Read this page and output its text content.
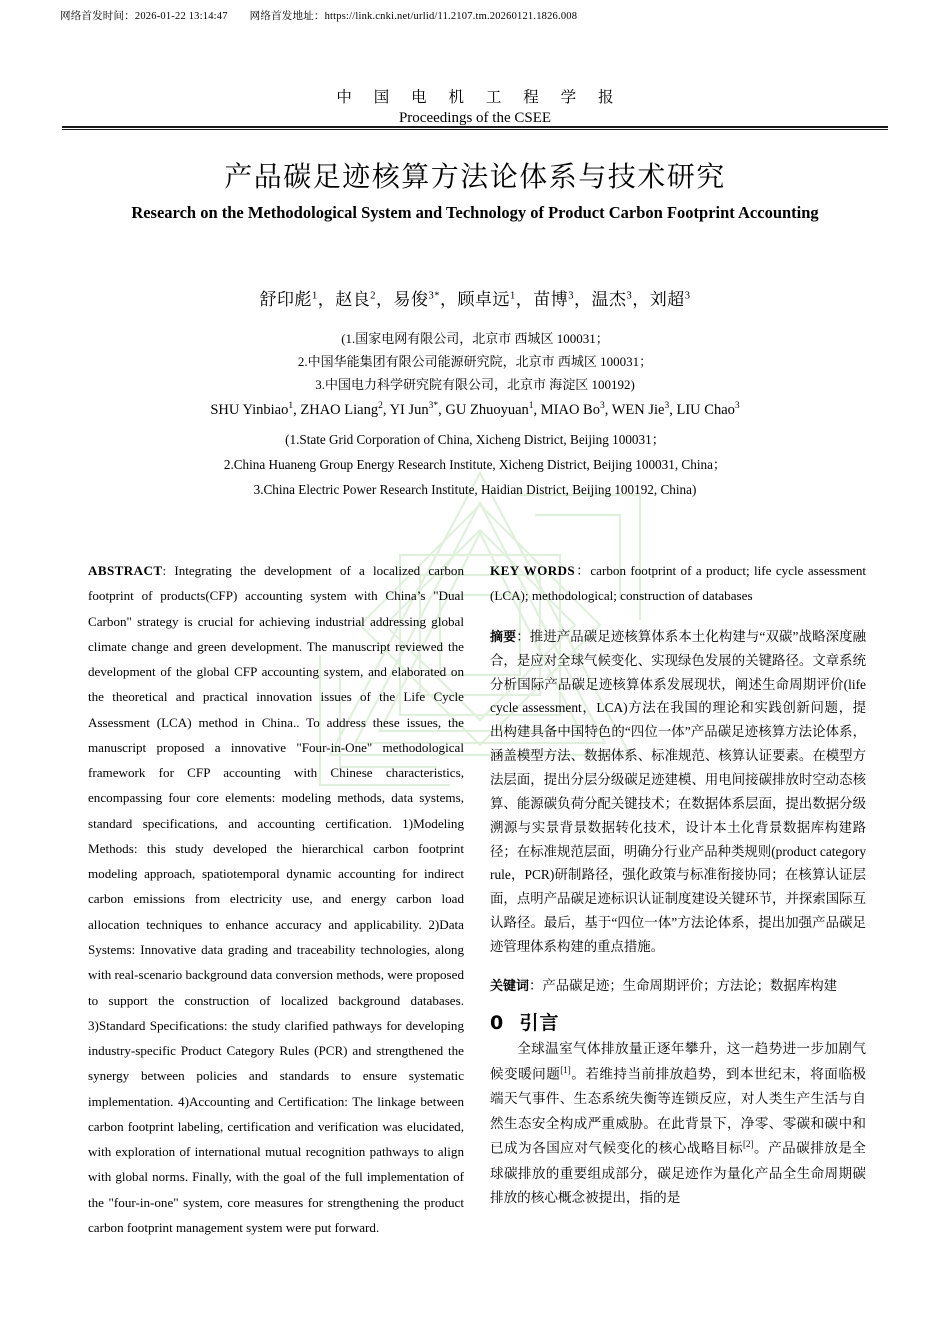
网络首发时间：2026-01-22 13:14:47 网络首发地址：https://link.cnki.net/urlid/11.2107.tm.20260121.1826.008
中 国 电 机 工 程 学 报
Proceedings of the CSEE
产品碳足迹核算方法论体系与技术研究
Research on the Methodological System and Technology of Product Carbon Footprint Accounting
舒印彪$^1$，赵良$^2$，易俊$^{3*}$，顾卓远$^1$，苗博$^3$，温杰$^3$，刘超$^3$
(1.国家电网有限公司，北京市 西城区 100031；
2.中国华能集团有限公司能源研究院，北京市 西城区 100031；
3.中国电力科学研究院有限公司，北京市 海淀区 100192)
SHU Yinbiao$^1$, ZHAO Liang$^2$, YI Jun$^{3*}$, GU Zhuoyuan$^1$, MIAO Bo$^3$, WEN Jie$^3$, LIU Chao$^3$
(1.State Grid Corporation of China, Xicheng District, Beijing 100031；
2.China Huaneng Group Energy Research Institute, Xicheng District, Beijing 100031, China；
3.China Electric Power Research Institute, Haidian District, Beijing 100192, China)

ABSTRACT: Integrating the development of a localized carbon footprint of products(CFP) accounting system with China’s "Dual Carbon" strategy is crucial for achieving industrial addressing global climate change and green development. The manuscript reviewed the development of the global CFP accounting system, and elaborated on the theoretical and practical innovation issues of the Life Cycle Assessment (LCA) method in China.. To address these issues, the manuscript proposed a innovative "Four-in-One" methodological framework for CFP accounting with Chinese characteristics, encompassing four core elements: modeling methods, data systems, standard specifications, and accounting certification. 1)Modeling Methods: this study developed the hierarchical carbon footprint modeling approach, spatiotemporal dynamic accounting for indirect carbon emissions from electricity use, and energy carbon load allocation techniques to enhance accuracy and applicability. 2)Data Systems: Innovative data grading and traceability technologies, along with real-scenario background data conversion methods, were proposed to support the construction of localized background databases. 3)Standard Specifications: the study clarified pathways for developing industry-specific Product Category Rules (PCR) and strengthened the synergy between policies and standards to ensure systematic implementation. 4)Accounting and Certification: The linkage between carbon footprint labeling, certification and verification was elucidated, with exploration of international mutual recognition pathways to align with global norms. Finally, with the goal of the full implementation of the "four-in-one" system, core measures for strengthening the product carbon footprint management system were put forward.

KEY WORDS：carbon footprint of a product; life cycle assessment (LCA); methodological; construction of databases

摘要：推进产品碳足迹核算体系本土化构建与“双碳”战略深度融合，是应对全球气候变化、实现绿色发展的关键路径。文章系统分析国际产品碳足迹核算体系发展现状，阐述生命周期评价(life cycle assessment，LCA)方法在我国的理论和实践创新问题，提出构建具备中国特色的“四位一体”产品碳足迹核算方法论体系，涵盖模型方法、数据体系、标准规范、核算认证要素。在模型方法层面，提出分层分级碳足迹建模、用电间接碳排放时空动态核算、能源碳负荷分配关键技术；在数据体系层面，提出数据分级溯源与实景背景数据转化技术，设计本土化背景数据库构建路径；在标准规范层面，明确分行业产品种类规则(product category rule，PCR)研制路径，强化政策与标准衔接协同；在核算认证层面，点明产品碳足迹标识认证制度建设关键环节，并探索国际互认路径。最后，基于“四位一体”方法论体系，提出加强产品碳足迹管理体系构建的重点措施。

关键词：产品碳足迹；生命周期评价；方法论；数据库构建

0 引言

全球温室气体排放量正逐年攀升，这一趋势进一步加剧气候变暖问题[1]。若维持当前排放趋势，到本世纪末，将面临极端天气事件、生态系统失衡等连锁反应，对人类生产生活与自然生态安全构成严重威胁。在此背景下，净零、零碳和碳中和已成为各国应对气候变化的核心战略目标[2]。产品碳排放是全球碳排放的重要组成部分，碳足迹作为量化产品全生命周期碳排放的核心概念被提出，指的是
